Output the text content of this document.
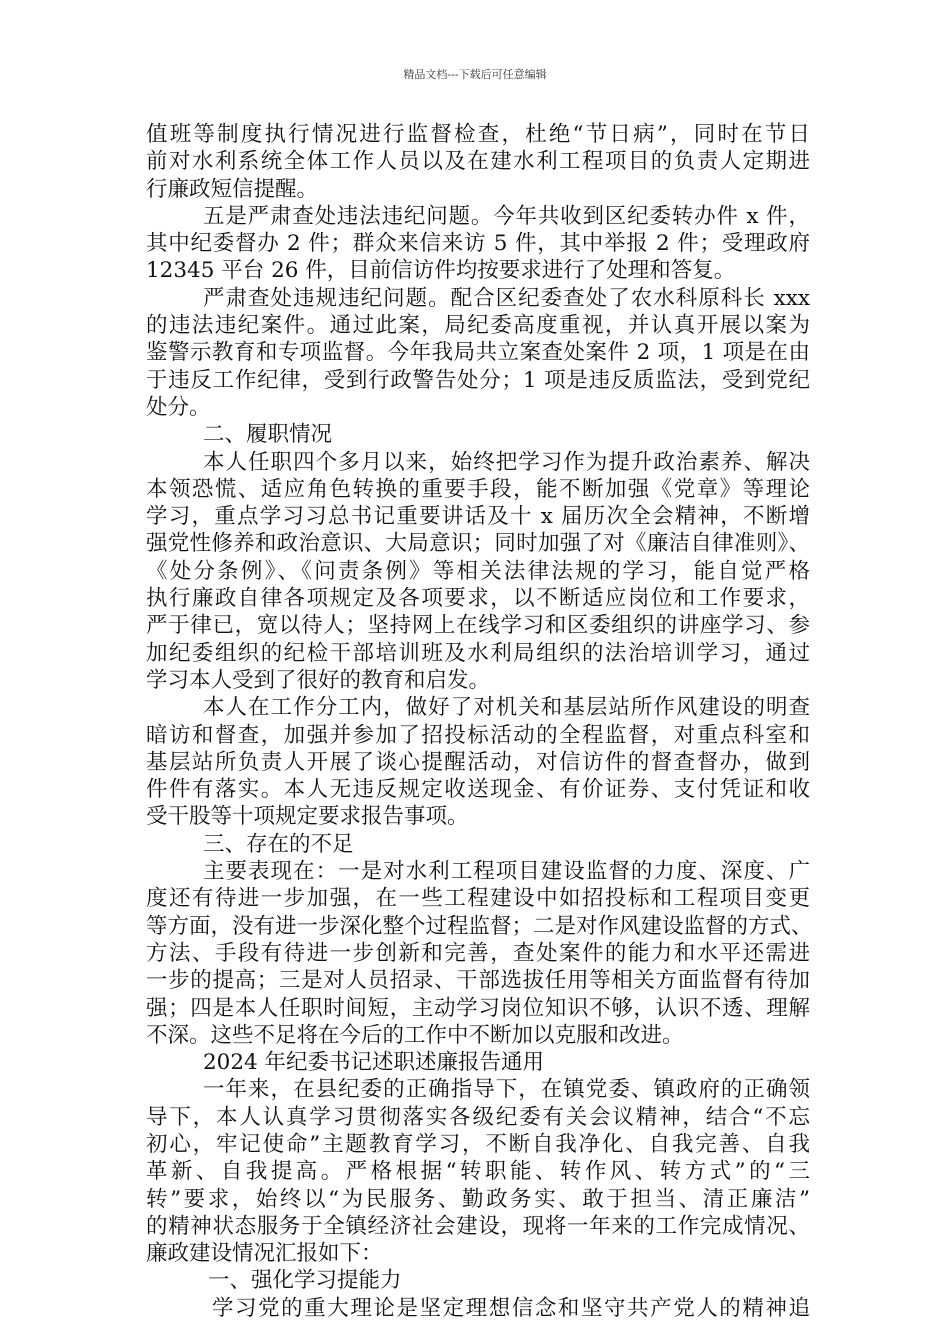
精品文档---下载后可任意编辑
值班等制度执行情况进行监督检查，杜绝“节日病”，同时在节日
前对水利系统全体工作人员以及在建水利工程项目的负责人定期进
行廉政短信提醒。
五是严肃查处违法违纪问题。今年共收到区纪委转办件 x 件，
其中纪委督办 2 件；群众来信来访 5 件，其中举报 2 件；受理政府
12345 平台 26 件，目前信访件均按要求进行了处理和答复。
严肃查处违规违纪问题。配合区纪委查处了农水科原科长 xxx
的违法违纪案件。通过此案，局纪委高度重视，并认真开展以案为
鉴警示教育和专项监督。今年我局共立案查处案件 2 项，1 项是在由
于违反工作纪律，受到行政警告处分；1 项是违反质监法，受到党纪
处分。
二、履职情况
本人任职四个多月以来，始终把学习作为提升政治素养、解决
本领恐慌、适应角色转换的重要手段，能不断加强《党章》等理论
学习，重点学习习总书记重要讲话及十 x 届历次全会精神，不断增
强党性修养和政治意识、大局意识；同时加强了对《廉洁自律准则》、
《处分条例》、《问责条例》等相关法律法规的学习，能自觉严格
执行廉政自律各项规定及各项要求，以不断适应岗位和工作要求，
严于律已，宽以待人；坚持网上在线学习和区委组织的讲座学习、参
加纪委组织的纪检干部培训班及水利局组织的法治培训学习，通过
学习本人受到了很好的教育和启发。
本人在工作分工内，做好了对机关和基层站所作风建设的明查
暗访和督查，加强并参加了招投标活动的全程监督，对重点科室和
基层站所负责人开展了谈心提醒活动，对信访件的督查督办，做到
件件有落实。本人无违反规定收送现金、有价证券、支付凭证和收
受干股等十项规定要求报告事项。
三、存在的不足
主要表现在：一是对水利工程项目建设监督的力度、深度、广
度还有待进一步加强，在一些工程建设中如招投标和工程项目变更
等方面，没有进一步深化整个过程监督；二是对作风建设监督的方式、
方法、手段有待进一步创新和完善，查处案件的能力和水平还需进
一步的提高；三是对人员招录、干部选拔任用等相关方面监督有待加
强；四是本人任职时间短，主动学习岗位知识不够，认识不透、理解
不深。这些不足将在今后的工作中不断加以克服和改进。
2024 年纪委书记述职述廉报告通用
一年来，在县纪委的正确指导下，在镇党委、镇政府的正确领
导下，本人认真学习贯彻落实各级纪委有关会议精神，结合“不忘
初心，牢记使命”主题教育学习，不断自我净化、自我完善、自我
革新、自我提高。严格根据“转职能、转作风、转方式”的“三
转”要求，始终以“为民服务、勤政务实、敢于担当、清正廉洁”
的精神状态服务于全镇经济社会建设，现将一年来的工作完成情况、
廉政建设情况汇报如下：
一、强化学习提能力
学习党的重大理论是坚定理想信念和坚守共产党人的精神追
